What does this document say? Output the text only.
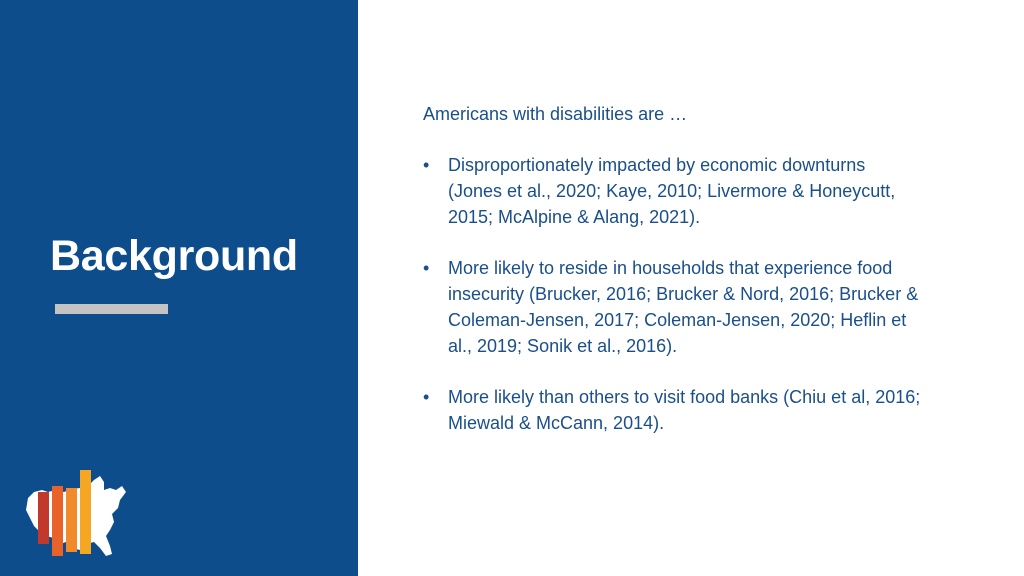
Background

Americans with disabilities are …

• Disproportionately impacted by economic downturns (Jones et al., 2020; Kaye, 2010; Livermore & Honeycutt, 2015; McAlpine & Alang, 2021).
• More likely to reside in households that experience food insecurity (Brucker, 2016; Brucker & Nord, 2016; Brucker & Coleman-Jensen, 2017; Coleman-Jensen, 2020; Heflin et al., 2019; Sonik et al., 2016).
• More likely than others to visit food banks (Chiu et al, 2016; Miewald & McCann, 2014).
